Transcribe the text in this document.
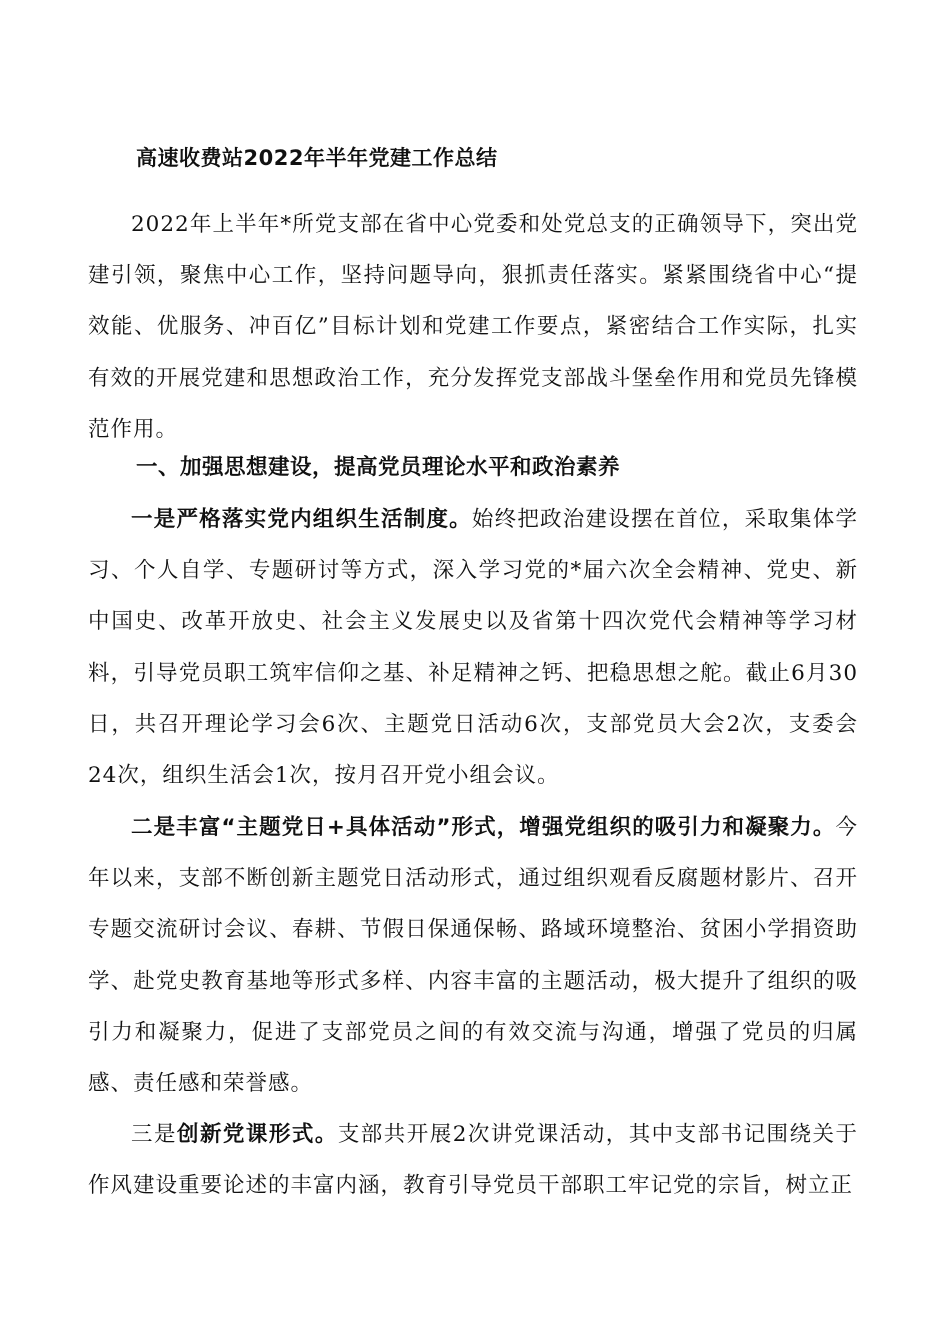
高速收费站2022年半年党建工作总结

2022年上半年*所党支部在省中心党委和处党总支的正确领导下，突出党建引领，聚焦中心工作，坚持问题导向，狠抓责任落实。紧紧围绕省中心“提效能、优服务、冲百亿”目标计划和党建工作要点，紧密结合工作实际，扎实有效的开展党建和思想政治工作，充分发挥党支部战斗堡垒作用和党员先锋模范作用。

一、加强思想建设，提高党员理论水平和政治素养

一是严格落实党内组织生活制度。始终把政治建设摆在首位，采取集体学习、个人自学、专题研讨等方式，深入学习党的*届六次全会精神、党史、新中国史、改革开放史、社会主义发展史以及省第十四次党代会精神等学习材料，引导党员职工筑牢信仰之基、补足精神之钙、把稳思想之舵。截止6月30日，共召开理论学习会6次、主题党日活动6次，支部党员大会2次，支委会24次，组织生活会1次，按月召开党小组会议。

二是丰富“主题党日+具体活动”形式，增强党组织的吸引力和凝聚力。今年以来，支部不断创新主题党日活动形式，通过组织观看反腐题材影片、召开专题交流研讨会议、春耕、节假日保通保畅、路域环境整治、贫困小学捐资助学、赴党史教育基地等形式多样、内容丰富的主题活动，极大提升了组织的吸引力和凝聚力，促进了支部党员之间的有效交流与沟通，增强了党员的归属感、责任感和荣誉感。

三是创新党课形式。支部共开展2次讲党课活动，其中支部书记围绕关于作风建设重要论述的丰富内涵，教育引导党员干部职工牢记党的宗旨，树立正
